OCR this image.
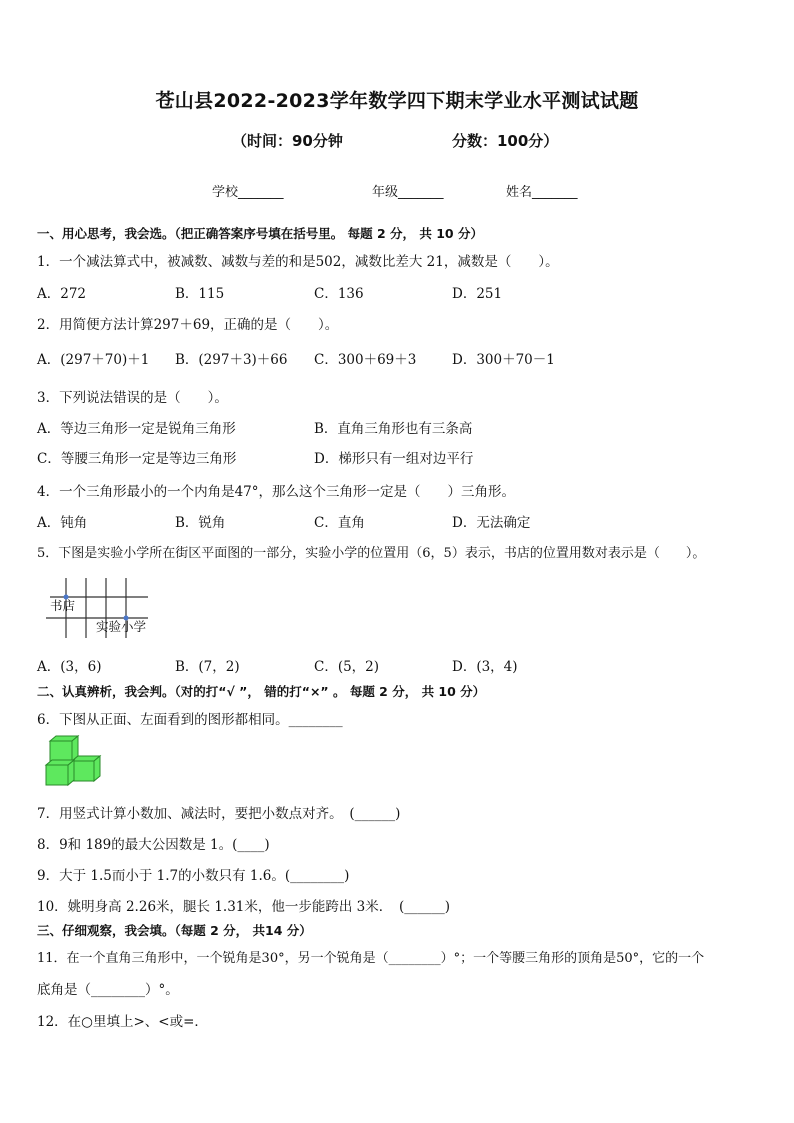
苍山县2022-2023学年数学四下期末学业水平测试试题
（时间：90分钟	分数：100分）
学校_______	年级_______	姓名_______
一、用心思考，我会选。（把正确答案序号填在括号里。 每题 2 分， 共 10 分）
1．一个减法算式中，被减数、减数与差的和是502，减数比差大 21，减数是（　　）。
A．272	B．115	C．136	D．251
2．用简便方法计算297＋69，正确的是（　　）。
A．(297＋70)＋1 B．(297＋3)＋66 C．300＋69＋3	D．300＋70－1
3．下列说法错误的是（　　）。
A．等边三角形一定是锐角三角形	B．直角三角形也有三条高
C．等腰三角形一定是等边三角形	D．梯形只有一组对边平行
4．一个三角形最小的一个内角是47°，那么这个三角形一定是（　　）三角形。
A．钝角	B．锐角	C．直角	D．无法确定
5．下图是实验小学所在街区平面图的一部分，实验小学的位置用（6，5）表示，书店的位置用数对表示是（　　）。
书店
实验小学
A．(3，6)	B．(7，2)	C．(5，2)	D．(3，4)
二、认真辨析，我会判。（对的打“√ ”， 错的打“×” 。 每题 2 分， 共 10 分）
6．下图从正面、左面看到的图形都相同。________
7．用竖式计算小数加、减法时，要把小数点对齐。　(______)
8．9和 189的最大公因数是 1。(____)
9．大于 1.5而小于 1.7的小数只有 1.6。(________)
10．姚明身高 2.26米，腿长 1.31米，他一步能跨出 3米．　(______)
三、仔细观察，我会填。（每题 2 分， 共14 分）
11．在一个直角三角形中，一个锐角是30°，另一个锐角是（________）°；一个等腰三角形的顶角是50°，它的一个
底角是（________）°。
12．在○里填上>、<或=．
